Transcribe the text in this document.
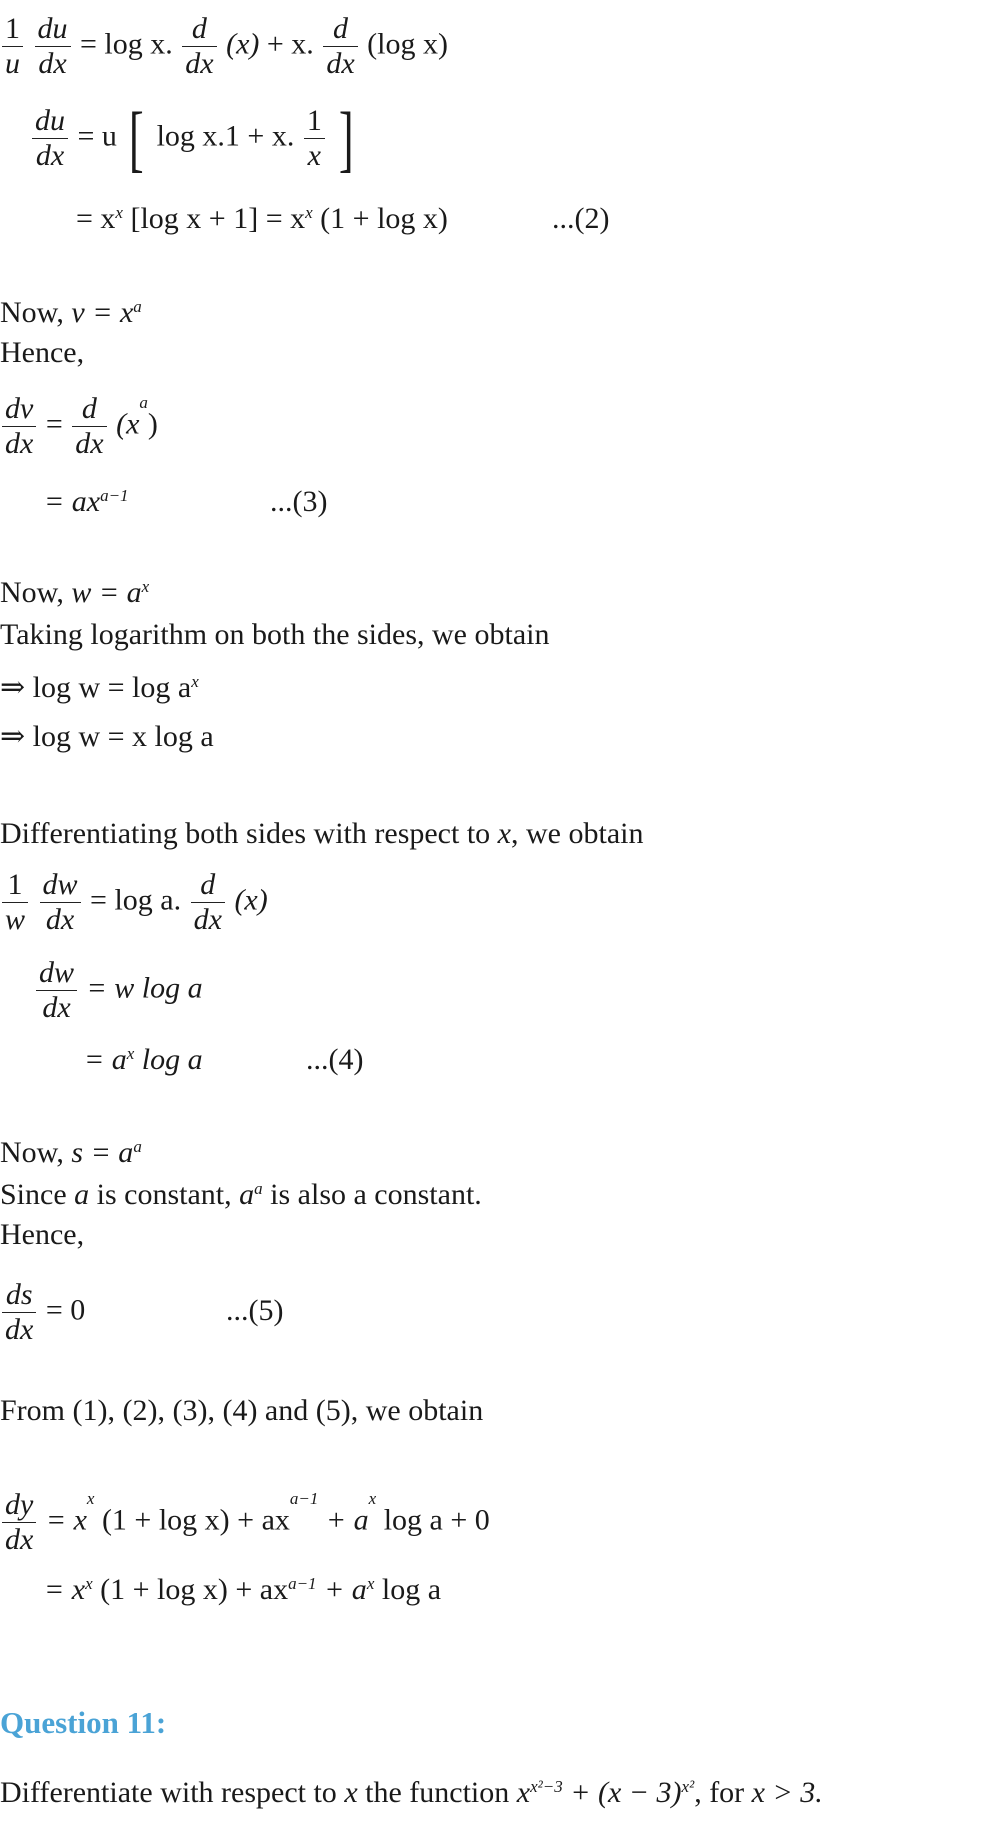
$\frac{1}{u}$
$\frac{du}{dx} = \log x$. $\frac{d}{dx} (x) + x$. $\frac{d}{dx} (\log$ x)
$\frac{du}{dx} = u$ [ log x.1 + x. $\frac{1}{x}$ ]
= $x^x$ [log $x + 1] = x^x$ (1 + log x)	...(2)
Now, $v = x^a$
Hence,
$\frac{dv}{dx} = \frac{d}{dx} (x^a)$
= $ax^{a-1}$	...(3)
Now, $w = a^x$
Taking logarithm on both the sides, we obtain
⇒ $\log w = \log a^x$
⇒ log w = x log a
Differentiating both sides with respect to x, we obtain
$\frac{1}{w}$
$\frac{dw}{dx} = \log a$. $\frac{d}{dx} (x)$
$\frac{dw}{dx} = w$ log a
= $a^x$ log a	...(4)
Now, $s = a^a$
Since a is constant, $a^a$ is also a constant.
Hence,
$\frac{ds}{dx} = 0$	...(5)
From (1), (2), (3), (4) and (5), we obtain
$\frac{dy}{dx} = x^x$ $(1 + \log x) + ax^{a-1} + a^x$ log a + 0
= $x^x$ $(1 + \log x) + ax^{a-1} + a^x$ log a
Question 11:
Differentiate with respect to x the function $x^{x^2-3} + (x - 3)^{x^2}$, for x > 3.
